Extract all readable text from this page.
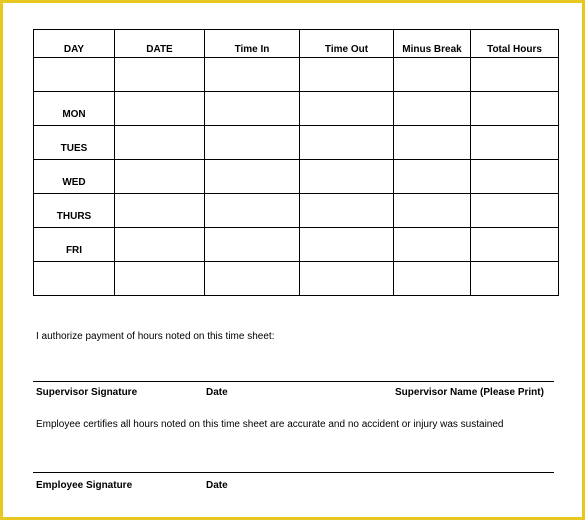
DAY	DATE	Time In	Time Out	Minus Break	Total Hours

MON					
TUES					
WED					
THURS					
FRI					

I authorize payment of hours noted on this time sheet:
Supervisor Signature	Date	Supervisor Name (Please Print)
Employee certifies all hours noted on this time sheet are accurate and no accident or injury was sustained
Employee Signature	Date
